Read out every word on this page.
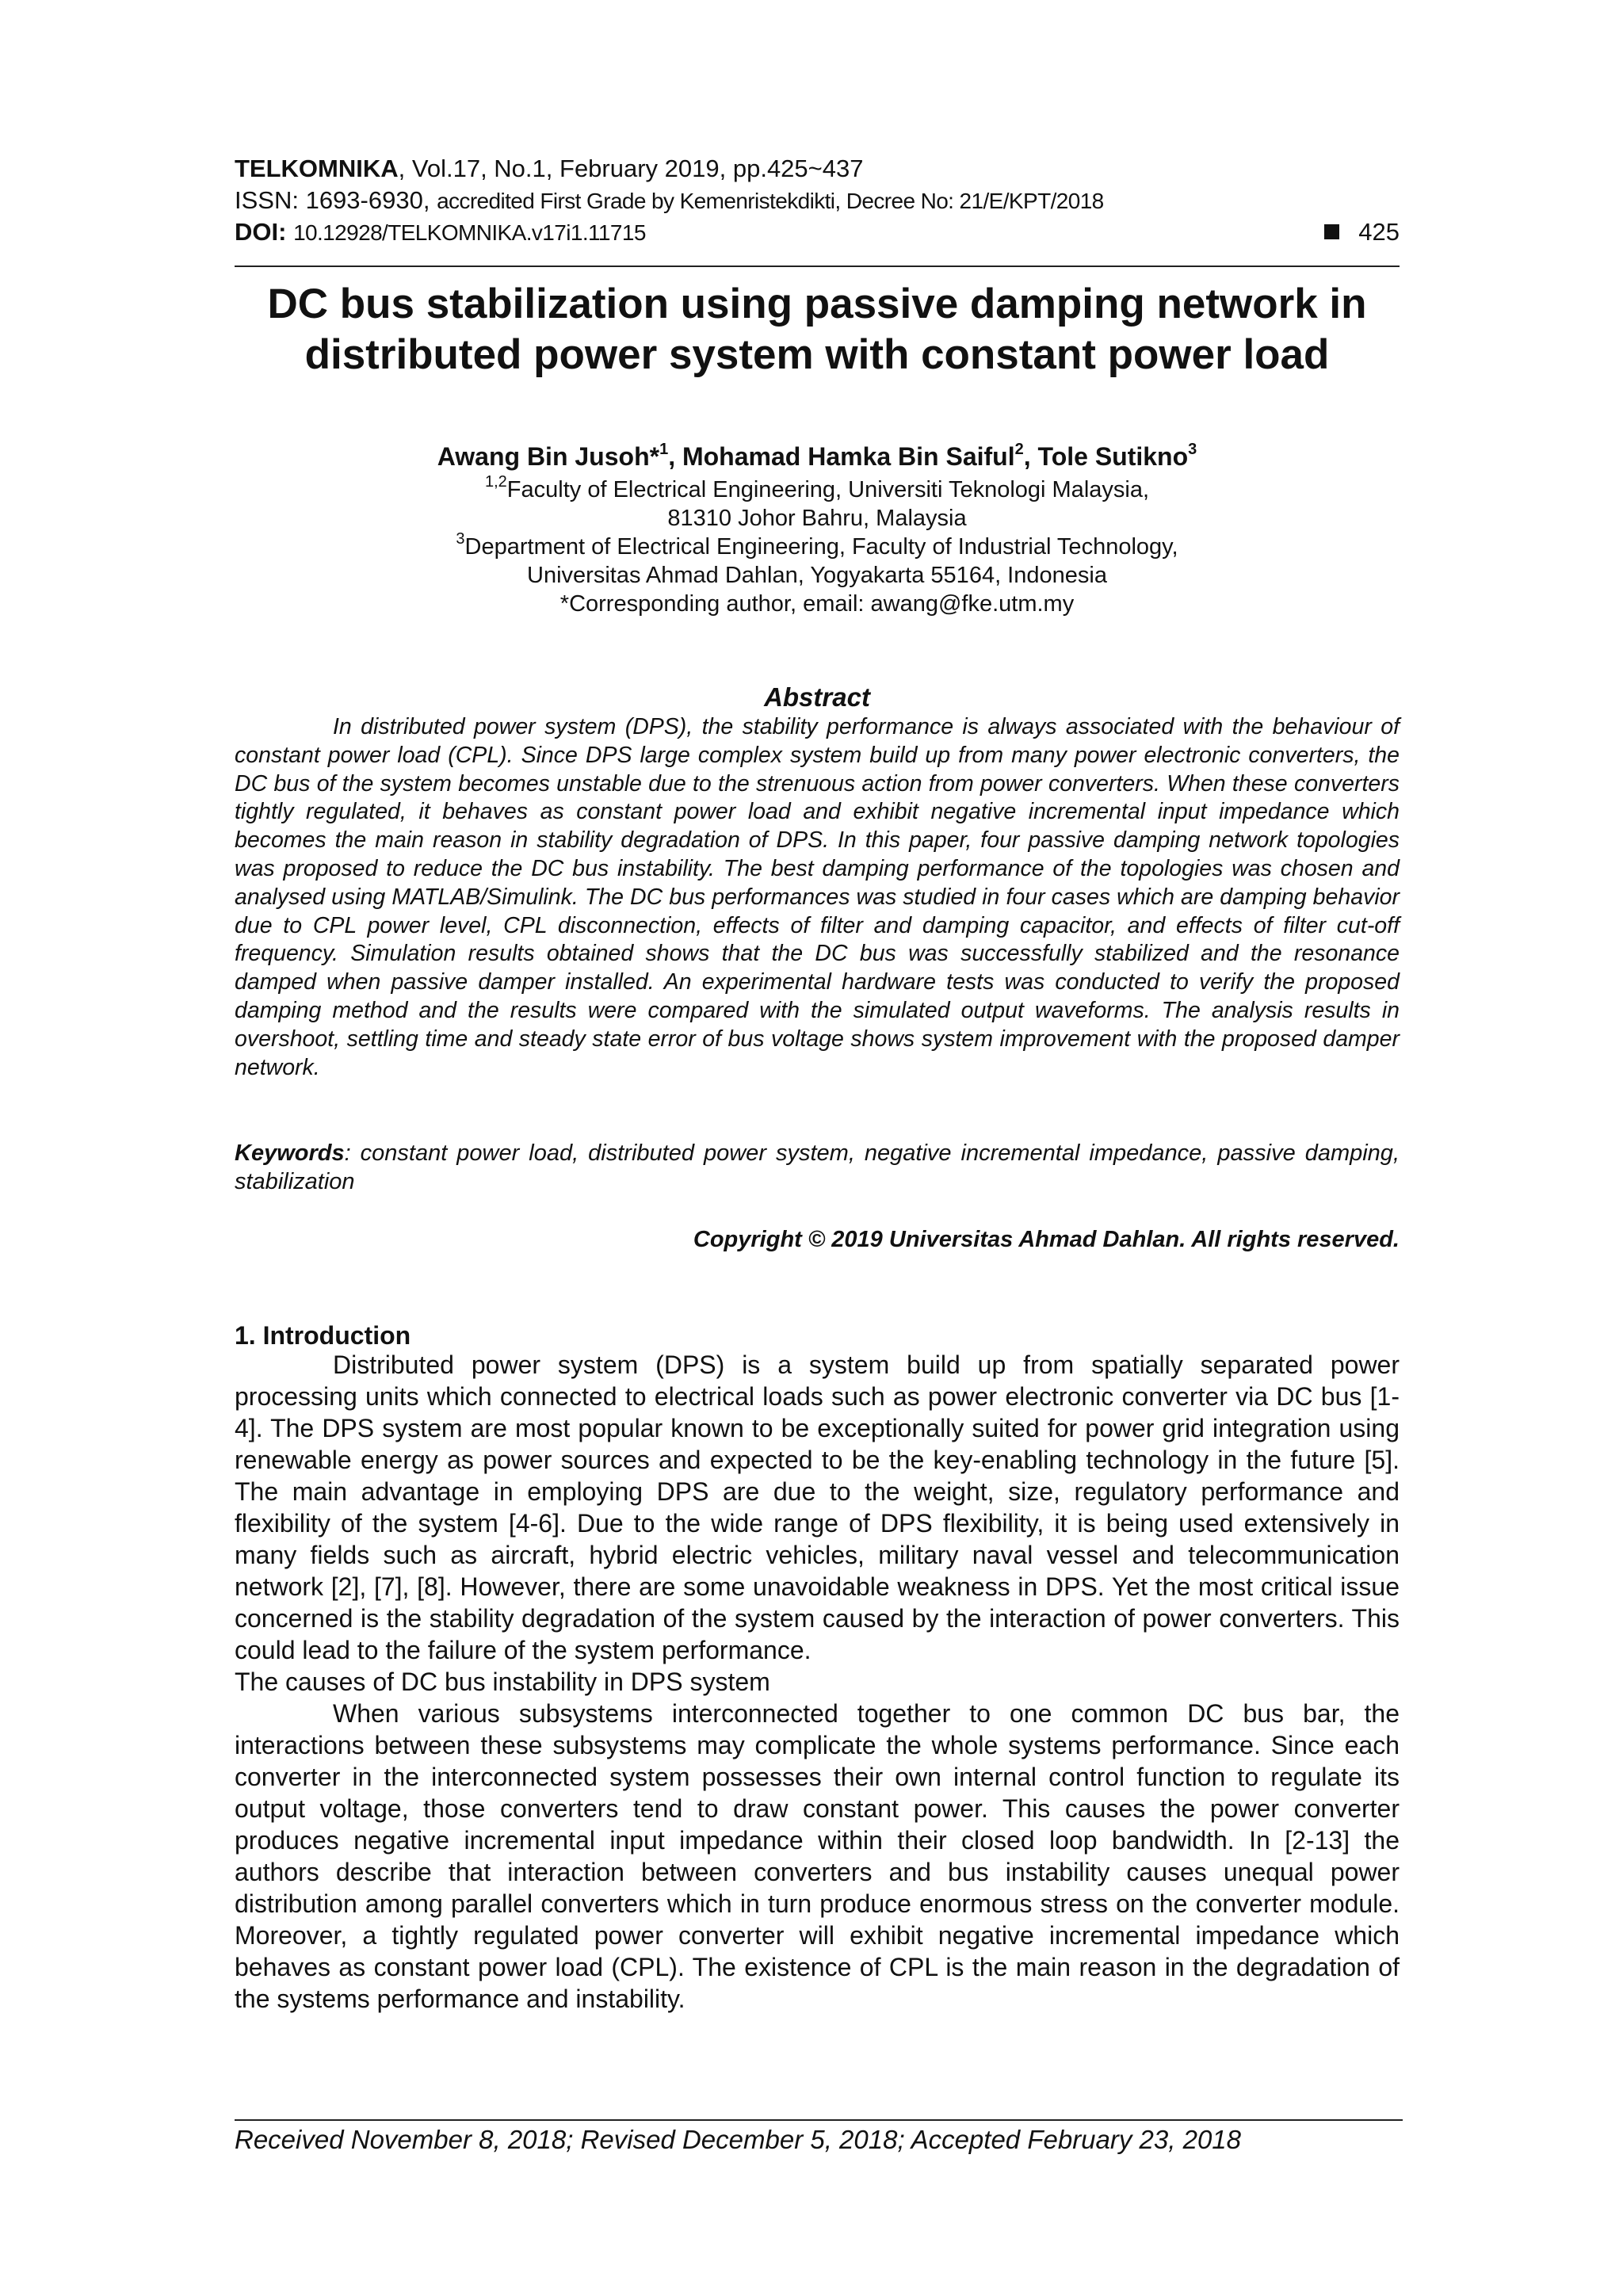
TELKOMNIKA, Vol.17, No.1, February 2019, pp.425~437
ISSN: 1693-6930, accredited First Grade by Kemenristekdikti, Decree No: 21/E/KPT/2018
DOI: 10.12928/TELKOMNIKA.v17i1.11715	425
DC bus stabilization using passive damping network in
distributed power system with constant power load
Awang Bin Jusoh*$^1$, Mohamad Hamka Bin Saiful$^2$, Tole Sutikno$^3$
$^{1,2}$Faculty of Electrical Engineering, Universiti Teknologi Malaysia,
81310 Johor Bahru, Malaysia
$^3$Department of Electrical Engineering, Faculty of Industrial Technology,
Universitas Ahmad Dahlan, Yogyakarta 55164, Indonesia
*Corresponding author, email: awang@fke.utm.my
Abstract

In distributed power system (DPS), the stability performance is always associated with the behaviour of constant power load (CPL). Since DPS large complex system build up from many power electronic converters, the DC bus of the system becomes unstable due to the strenuous action from power converters. When these converters tightly regulated, it behaves as constant power load and exhibit negative incremental input impedance which becomes the main reason in stability degradation of DPS. In this paper, four passive damping network topologies was proposed to reduce the DC bus instability. The best damping performance of the topologies was chosen and analysed using MATLAB/Simulink. The DC bus performances was studied in four cases which are damping behavior due to CPL power level, CPL disconnection, effects of filter and damping capacitor, and effects of filter cut-off frequency. Simulation results obtained shows that the DC bus was successfully stabilized and the resonance damped when passive damper installed. An experimental hardware tests was conducted to verify the proposed damping method and the results were compared with the simulated output waveforms. The analysis results in overshoot, settling time and steady state error of bus voltage shows system improvement with the proposed damper network.

Keywords: constant power load, distributed power system, negative incremental impedance, passive damping, stabilization
Copyright © 2019 Universitas Ahmad Dahlan. All rights reserved.
1. Introduction

Distributed power system (DPS) is a system build up from spatially separated power processing units which connected to electrical loads such as power electronic converter via DC bus [1-4]. The DPS system are most popular known to be exceptionally suited for power grid integration using renewable energy as power sources and expected to be the key-enabling technology in the future [5]. The main advantage in employing DPS are due to the weight, size, regulatory performance and flexibility of the system [4-6]. Due to the wide range of DPS flexibility, it is being used extensively in many fields such as aircraft, hybrid electric vehicles, military naval vessel and telecommunication network [2], [7], [8]. However, there are some unavoidable weakness in DPS. Yet the most critical issue concerned is the stability degradation of the system caused by the interaction of power converters. This could lead to the failure of the system performance.

The causes of DC bus instability in DPS system

When various subsystems interconnected together to one common DC bus bar, the interactions between these subsystems may complicate the whole systems performance. Since each converter in the interconnected system possesses their own internal control function to regulate its output voltage, those converters tend to draw constant power. This causes the power converter produces negative incremental input impedance within their closed loop bandwidth. In [2-13] the authors describe that interaction between converters and bus instability causes unequal power distribution among parallel converters which in turn produce enormous stress on the converter module. Moreover, a tightly regulated power converter will exhibit negative incremental impedance which behaves as constant power load (CPL). The existence of CPL is the main reason in the degradation of the systems performance and instability.

Received November 8, 2018; Revised December 5, 2018; Accepted February 23, 2018
